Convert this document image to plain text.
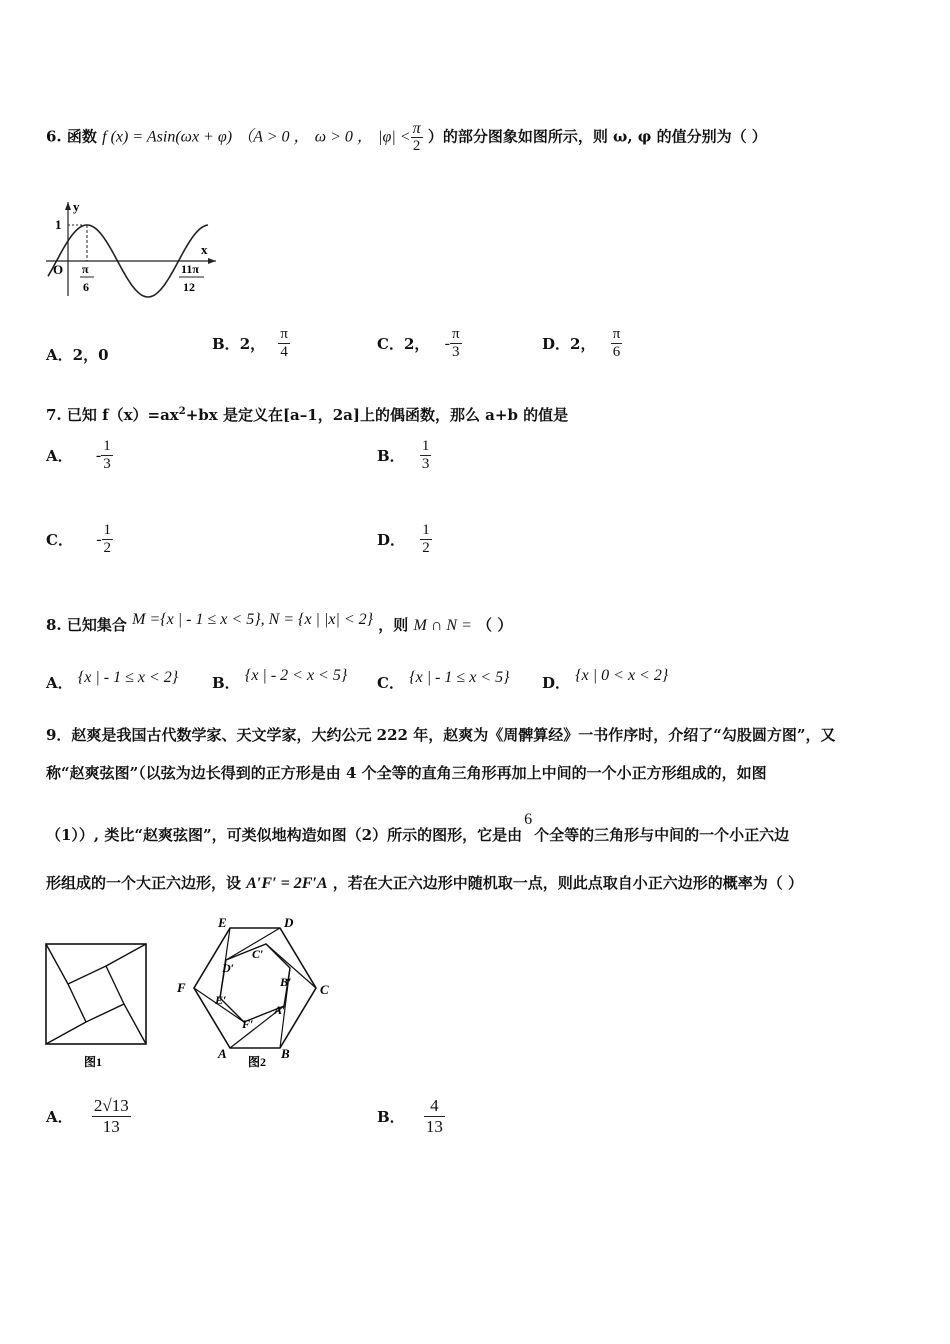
6. 函数 f (x) = Asin(ωx + φ) （A > 0 ， ω > 0 ， $|\varphi| < \frac{\pi}{2}$ ）的部分图象如图所示，则 ω, φ 的值分别为（ ）
y
x
1
O π
6
11π
12
A．2，0
B．2， $\frac{\pi}{4}$	C．2， - $\frac{\pi}{3}$	D．2， $\frac{\pi}{6}$
7. 已知 $f(x)=ax^2+bx$ 是定义在[a–1，2a]上的偶函数，那么 a+b 的值是
A． - $\frac{1}{3}$	B． $\frac{1}{3}$
C． - $\frac{1}{2}$	D． $\frac{1}{2}$
8. 已知集合 M ={x | - 1 ≤ x < 5}, N = {x | |x| < 2} ，则 M ∩ N = （ ）
A． {x | - 1 ≤ x < 2} B． {x | - 2 < x < 5} C． {x | - 1 ≤ x < 5} D． {x | 0 < x < 2}
9．赵爽是我国古代数学家、天文学家，大约公元 222 年，赵爽为《周髀算经》一书作序时，介绍了“勾股圆方图”，又
称“赵爽弦图”（以弦为边长得到的正方形是由 4 个全等的直角三角形再加上中间的一个小正方形组成的，如图
（1））, 类比“赵爽弦图”，可类似地构造如图（2）所示的图形，它是由6个全等的三角形与中间的一个小正六边
形组成的一个大正六边形，设 A′F′ = 2F′A ，若在大正六边形中随机取一点，则此点取自小正六边形的概率为（ ）
图1
A	B
C
D
E
F
A′
B′
C′
D′
E′
F′
图2
A． $\frac{2√13}{13}$	B． $\frac{4}{13}$
